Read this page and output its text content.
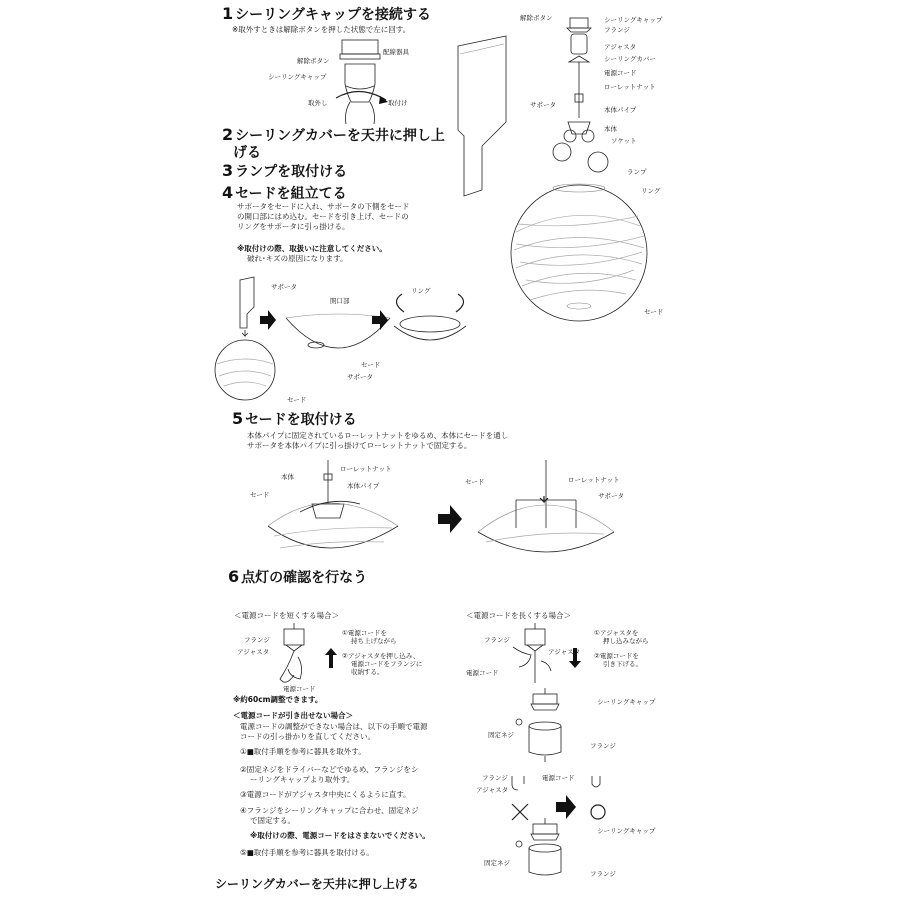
1 シーリングキャップを接続する
※取外すときは解除ボタンを押した状態で左に回す。
2 シーリングカバーを天井に押し上
げる
3 ランプを取付ける
4 セードを組立てる
サポータをセードに入れ、サポータの下側をセード
の開口部にはめ込む。セードを引き上げ、セードの
リングをサポータに引っ掛ける。
※取付けの際、取扱いに注意してください。
破れ･キズの原因になります。
5 セードを取付ける
本体パイプに固定されているローレットナットをゆるめ、本体にセードを通し
サポータを本体パイプに引っ掛けてローレットナットで固定する。
6 点灯の確認を行なう
配線器具
解除ボタン
シーリングキャップ
取外し	取付け
解除ボタン	シーリングキャップ
フランジ
アジャスタ
シーリングカバー
電源コード
ローレットナット
サポータ
本体パイプ
本体
ソケット
ランプ
リング
セード
サポータ
開口部
リング
セード
サポータ
セード
ローレットナット
本体
本体パイプ
セード
セード	ローレットナット
サポータ
＜電源コードを短くする場合＞
フランジ
アジャスタ
電源コード
①電源コードを
持ち上げながら
②アジャスタを押し込み、
電源コードをフランジに
収納する。
※約60cm調整できます。
＜電源コードを長くする場合＞
フランジ
アジャスタ
電源コード
①アジャスタを
押し込みながら
②電源コードを
引き下げる。
＜電源コードが引き出せない場合＞
電源コードの調整ができない場合は、以下の手順で電源
コードの引っ掛かりを直してください。
①■取付手順を参考に器具を取外す。
②固定ネジをドライバーなどでゆるめ、フランジをシ
ーリングキャップより取外す。
③電源コードがアジャスタ中央にくるように直す。
④フランジをシーリングキャップに合わせ、固定ネジ
で固定する。
※取付けの際、電源コードをはさまないでください。
⑤■取付手順を参考に器具を取付ける。
シーリングキャップ
固定ネジ
フランジ
フランジ	電源コード
アジャスタ
シーリングキャップ
固定ネジ
フランジ
シーリングカバーを天井に押し上げる
